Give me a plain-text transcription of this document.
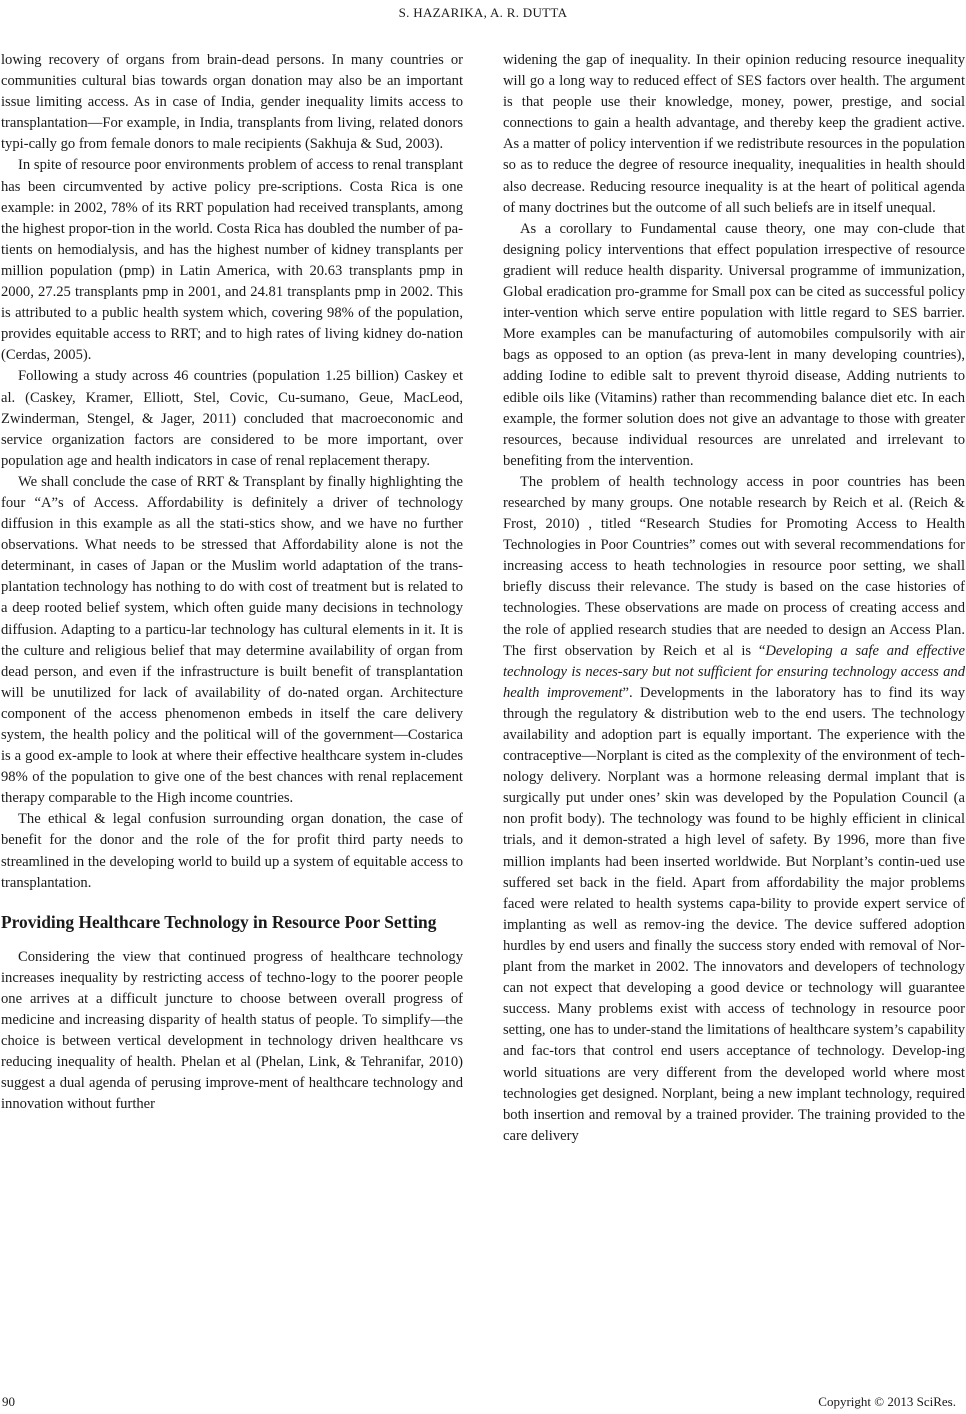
S. HAZARIKA, A. R. DUTTA

lowing recovery of organs from brain-dead persons. In many countries or communities cultural bias towards organ donation may also be an important issue limiting access. As in case of India, gender inequality limits access to transplantation—For example, in India, transplants from living, related donors typi-cally go from female donors to male recipients (Sakhuja & Sud, 2003).

In spite of resource poor environments problem of access to renal transplant has been circumvented by active policy pre-scriptions. Costa Rica is one example: in 2002, 78% of its RRT population had received transplants, among the highest propor-tion in the world. Costa Rica has doubled the number of pa-tients on hemodialysis, and has the highest number of kidney transplants per million population (pmp) in Latin America, with 20.63 transplants pmp in 2000, 27.25 transplants pmp in 2001, and 24.81 transplants pmp in 2002. This is attributed to a public health system which, covering 98% of the population, provides equitable access to RRT; and to high rates of living kidney do-nation (Cerdas, 2005).

Following a study across 46 countries (population 1.25 billion) Caskey et al. (Caskey, Kramer, Elliott, Stel, Covic, Cu-sumano, Geue, MacLeod, Zwinderman, Stengel, & Jager, 2011) concluded that macroeconomic and service organization factors are considered to be more important, over population age and health indicators in case of renal replacement therapy.

We shall conclude the case of RRT & Transplant by finally highlighting the four “A”s of Access. Affordability is definitely a driver of technology diffusion in this example as all the stati-stics show, and we have no further observations. What needs to be stressed that Affordability alone is not the determinant, in cases of Japan or the Muslim world adaptation of the trans-plantation technology has nothing to do with cost of treatment but is related to a deep rooted belief system, which often guide many decisions in technology diffusion. Adapting to a particu-lar technology has cultural elements in it. It is the culture and religious belief that may determine availability of organ from dead person, and even if the infrastructure is built benefit of transplantation will be unutilized for lack of availability of do-nated organ. Architecture component of the access phenomenon embeds in itself the care delivery system, the health policy and the political will of the government—Costarica is a good ex-ample to look at where their effective healthcare system in-cludes 98% of the population to give one of the best chances with renal replacement therapy comparable to the High income countries.

The ethical & legal confusion surrounding organ donation, the case of benefit for the donor and the role of the for profit third party needs to streamlined in the developing world to build up a system of equitable access to transplantation.

Providing Healthcare Technology in Resource Poor Setting

Considering the view that continued progress of healthcare technology increases inequality by restricting access of techno-logy to the poorer people one arrives at a difficult juncture to choose between overall progress of medicine and increasing disparity of health status of people. To simplify—the choice is between vertical development in technology driven healthcare vs reducing inequality of health. Phelan et al (Phelan, Link, & Tehranifar, 2010) suggest a dual agenda of perusing improve-ment of healthcare technology and innovation without further

widening the gap of inequality. In their opinion reducing resource inequality will go a long way to reduced effect of SES factors over health. The argument is that people use their knowledge, money, power, prestige, and social connections to gain a health advantage, and thereby keep the gradient active. As a matter of policy intervention if we redistribute resources in the population so as to reduce the degree of resource inequality, inequalities in health should also decrease. Reducing resource inequality is at the heart of political agenda of many doctrines but the outcome of all such beliefs are in itself unequal.

As a corollary to Fundamental cause theory, one may con-clude that designing policy interventions that effect population irrespective of resource gradient will reduce health disparity. Universal programme of immunization, Global eradication pro-gramme for Small pox can be cited as successful policy inter-vention which serve entire population with little regard to SES barrier. More examples can be manufacturing of automobiles compulsorily with air bags as opposed to an option (as preva-lent in many developing countries), adding Iodine to edible salt to prevent thyroid disease, Adding nutrients to edible oils like (Vitamins) rather than recommending balance diet etc. In each example, the former solution does not give an advantage to those with greater resources, because individual resources are unrelated and irrelevant to benefiting from the intervention.

The problem of health technology access in poor countries has been researched by many groups. One notable research by Reich et al. (Reich & Frost, 2010) , titled “Research Studies for Promoting Access to Health Technologies in Poor Countries” comes out with several recommendations for increasing access to heath technologies in resource poor setting, we shall briefly discuss their relevance. The study is based on the case histories of technologies. These observations are made on process of creating access and the role of applied research studies that are needed to design an Access Plan. The first observation by Reich et al is “Developing a safe and effective technology is neces-sary but not sufficient for ensuring technology access and health improvement”. Developments in the laboratory has to find its way through the regulatory & distribution web to the end users. The technology availability and adoption part is equally important. The experience with the contraceptive—Norplant is cited as the complexity of the environment of tech-nology delivery. Norplant was a hormone releasing dermal implant that is surgically put under ones’ skin was developed by the Population Council (a non profit body). The technology was found to be highly efficient in clinical trials, and it demon-strated a high level of safety. By 1996, more than five million implants had been inserted worldwide. But Norplant’s contin-ued use suffered set back in the field. Apart from affordability the major problems faced were related to health systems capa-bility to provide expert service of implanting as well as remov-ing the device. The device suffered adoption hurdles by end users and finally the success story ended with removal of Nor-plant from the market in 2002. The innovators and developers of technology can not expect that developing a good device or technology will guarantee success. Many problems exist with access of technology in resource poor setting, one has to under-stand the limitations of healthcare system’s capability and fac-tors that control end users acceptance of technology. Develop-ing world situations are very different from the developed world where most technologies get designed. Norplant, being a new implant technology, required both insertion and removal by a trained provider. The training provided to the care delivery

90	Copyright © 2013 SciRes.
